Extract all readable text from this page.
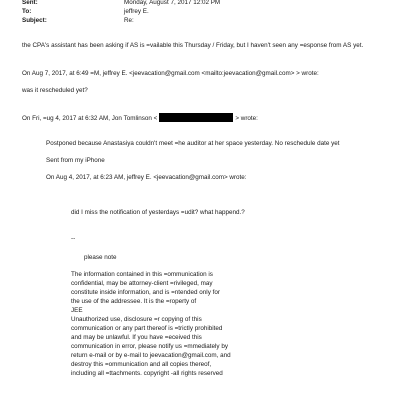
Sent:	Monday, August 7, 2017 12:02 PM
To:	jeffrey E.
Subject:	Re:
the CPA's assistant has been asking if AS is =vailable this Thursday / Friday, but I haven't seen any =esponse from AS yet.
On Aug 7, 2017, at 6:49 =M, jeffrey E. <jeevacation@gmail.com <mailto:jeevacation@gmail.com> > wrote:
was it rescheduled yet?
On Fri, =ug 4, 2017 at 6:32 AM, Jon Tomlinson <	> wrote:
Postponed because Anastasiya couldn't meet =he auditor at her space yesterday. No reschedule date yet
Sent from my iPhone
On Aug 4, 2017, at 6:23 AM, jeffrey E. <jeevacation@gmail.com> wrote:
did I miss the notification of yesterdays =udit? what happend.?
--
please note
The information contained in this =ommunication is
confidential, may be attorney-client =rivileged, may
constitute inside information, and is =ntended only for
the use of the addressee. It is the =roperty of
JEE
Unauthorized use, disclosure =r copying of this
communication or any part thereof is =trictly prohibited
and may be unlawful. If you have =eceived this
communication in error, please notify us =mmediately by
return e-mail or by e-mail to jeevacation@gmail.com, and
destroy this =ommunication and all copies thereof,
including all =ttachments. copyright -all rights reserved
